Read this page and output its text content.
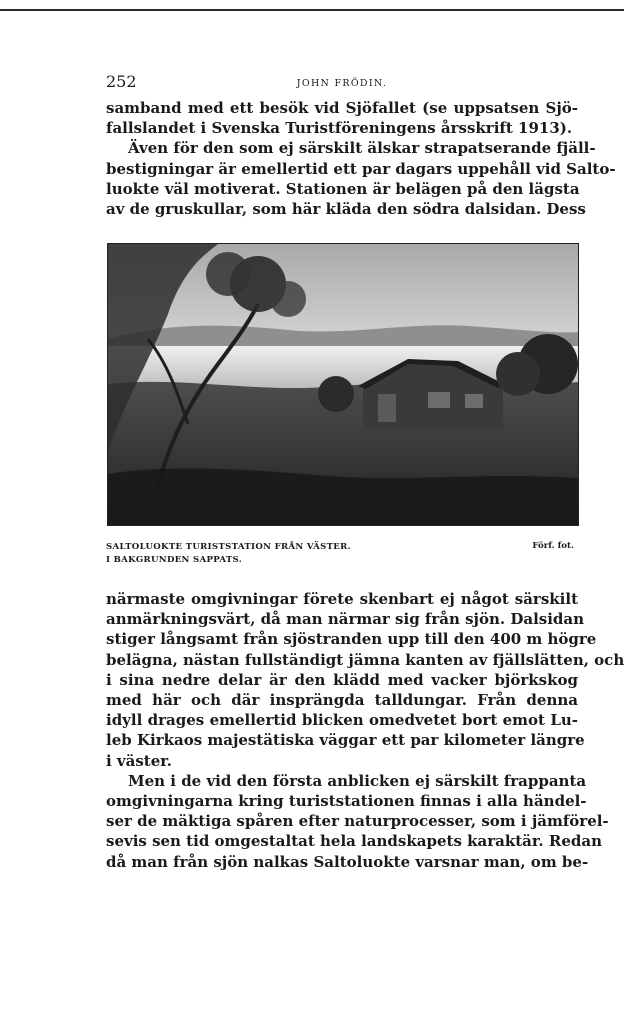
252	JOHN FRÖDIN.
samband med ett besök vid Sjöfallet (se uppsatsen Sjö-
fallslandet i Svenska Turistföreningens årsskrift 1913).
Även för den som ej särskilt älskar strapatserande fjäll-
bestigningar är emellertid ett par dagars uppehåll vid Salto-
luokte väl motiverat. Stationen är belägen på den lägsta
av de gruskullar, som här kläda den södra dalsidan. Dess
SALTOLUOKTE TURISTSTATION FRÅN VÄSTER.
I BAKGRUNDEN SAPPATS.
Förf. fot.
närmaste omgivningar förete skenbart ej något särskilt
anmärkningsvärt, då man närmar sig från sjön. Dalsidan
stiger långsamt från sjöstranden upp till den 400 m högre
belägna, nästan fullständigt jämna kanten av fjällslätten, och
i sina nedre delar är den klädd med vacker björkskog
med här och där insprängda talldungar. Från denna
idyll drages emellertid blicken omedvetet bort emot Lu-
leb Kirkaos majestätiska väggar ett par kilometer längre
i väster.
Men i de vid den första anblicken ej särskilt frappanta
omgivningarna kring turiststationen finnas i alla händel-
ser de mäktiga spåren efter naturprocesser, som i jämförel-
sevis sen tid omgestaltat hela landskapets karaktär. Redan
då man från sjön nalkas Saltoluokte varsnar man, om be-
